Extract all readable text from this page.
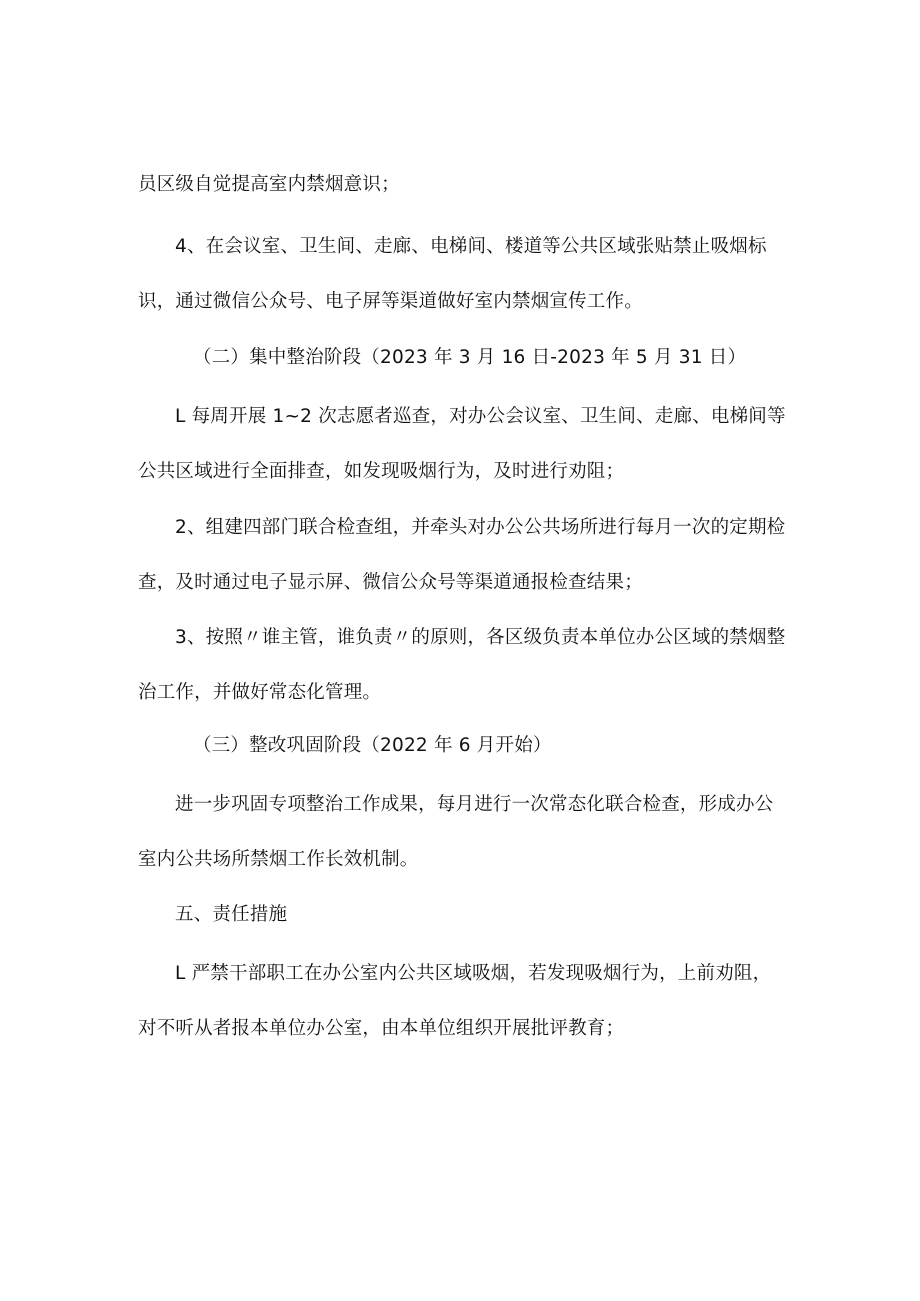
员区级自觉提高室内禁烟意识；

4、在会议室、卫生间、走廊、电梯间、楼道等公共区域张贴禁止吸烟标识，通过微信公众号、电子屏等渠道做好室内禁烟宣传工作。

（二）集中整治阶段（2023 年 3 月 16 日-2023 年 5 月 31 日）

L 每周开展 1~2 次志愿者巡查，对办公会议室、卫生间、走廊、电梯间等公共区域进行全面排查，如发现吸烟行为，及时进行劝阻；

2、组建四部门联合检查组，并牵头对办公公共场所进行每月一次的定期检查，及时通过电子显示屏、微信公众号等渠道通报检查结果；

3、按照〃谁主管，谁负责〃的原则，各区级负责本单位办公区域的禁烟整治工作，并做好常态化管理。

（三）整改巩固阶段（2022 年 6 月开始）

进一步巩固专项整治工作成果，每月进行一次常态化联合检查，形成办公室内公共场所禁烟工作长效机制。

五、责任措施

L 严禁干部职工在办公室内公共区域吸烟，若发现吸烟行为，上前劝阻，对不听从者报本单位办公室，由本单位组织开展批评教育；
